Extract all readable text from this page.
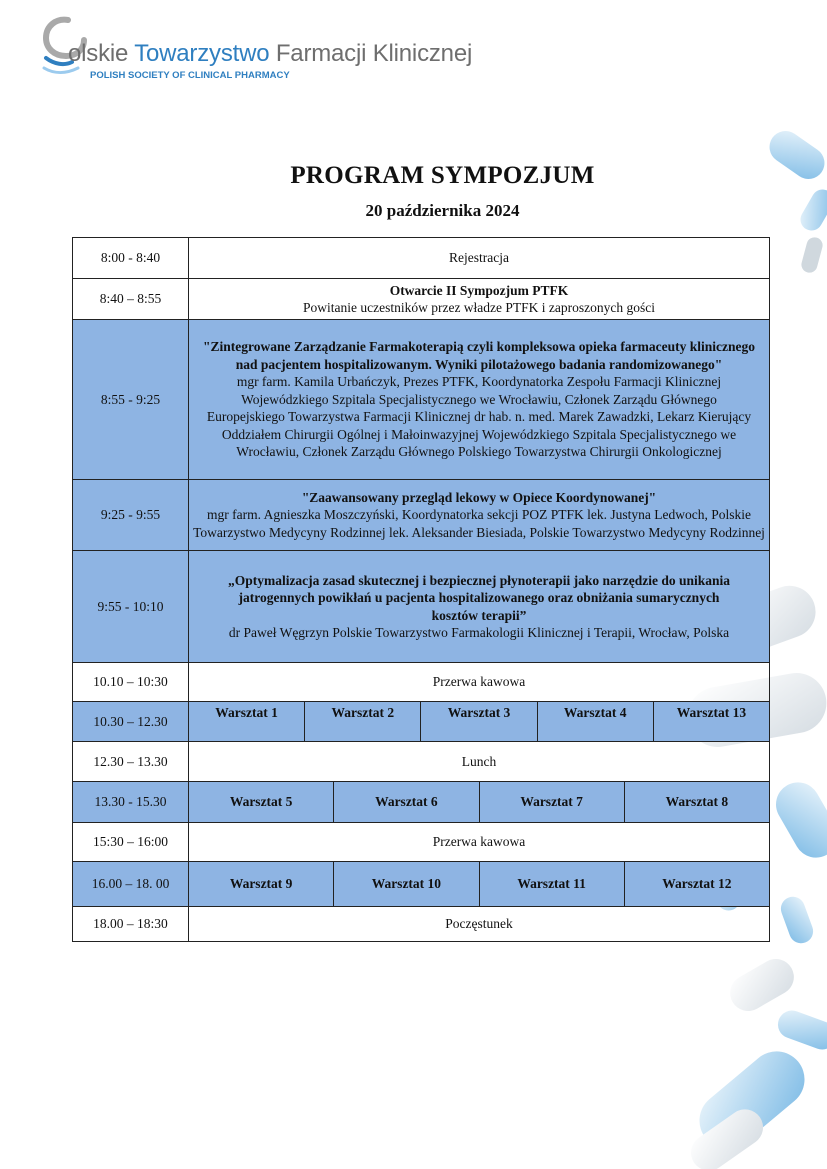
olskie Towarzystwo Farmacji Klinicznej
POLISH SOCIETY OF CLINICAL PHARMACY
PROGRAM SYMPOZJUM
20 października 2024
8:00 - 8:40	Rejestracja
8:40 – 8:55	Otwarcie II Sympozjum PTFK
Powitanie uczestników przez władze PTFK i zaproszonych gości
8:55 - 9:25	"Zintegrowane Zarządzanie Farmakoterapią czyli kompleksowa opieka farmaceuty klinicznego nad pacjentem hospitalizowanym. Wyniki pilotażowego badania randomizowanego"
mgr farm. Kamila Urbańczyk, Prezes PTFK, Koordynatorka Zespołu Farmacji Klinicznej Wojewódzkiego Szpitala Specjalistycznego we Wrocławiu, Członek Zarządu Głównego Europejskiego Towarzystwa Farmacji Klinicznej dr hab. n. med. Marek Zawadzki, Lekarz Kierujący Oddziałem Chirurgii Ogólnej i Małoinwazyjnej Wojewódzkiego Szpitala Specjalistycznego we Wrocławiu, Członek Zarządu Głównego Polskiego Towarzystwa Chirurgii Onkologicznej
9:25 - 9:55	"Zaawansowany przegląd lekowy w Opiece Koordynowanej"
mgr farm. Agnieszka Moszczyński, Koordynatorka sekcji POZ PTFK lek. Justyna Ledwoch, Polskie Towarzystwo Medycyny Rodzinnej lek. Aleksander Biesiada, Polskie Towarzystwo Medycyny Rodzinnej
9:55 - 10:10	„Optymalizacja zasad skutecznej i bezpiecznej płynoterapii jako narzędzie do unikania jatrogennych powikłań u pacjenta hospitalizowanego oraz obniżania sumarycznych kosztów terapii”
dr Paweł Węgrzyn Polskie Towarzystwo Farmakologii Klinicznej i Terapii, Wrocław, Polska
10.10 – 10:30	Przerwa kawowa
10.30 – 12.30	Warsztat 1 Warsztat 2 Warsztat 3 Warsztat 4 Warsztat 13

12.30 – 13.30	Lunch
13.30 - 15.30	Warsztat 5 Warsztat 6 Warsztat 7 Warsztat 8

15:30 – 16:00	Przerwa kawowa
16.00 – 18. 00	Warsztat 9 Warsztat 10 Warsztat 11 Warsztat 12

18.00 – 18:30	Poczęstunek
